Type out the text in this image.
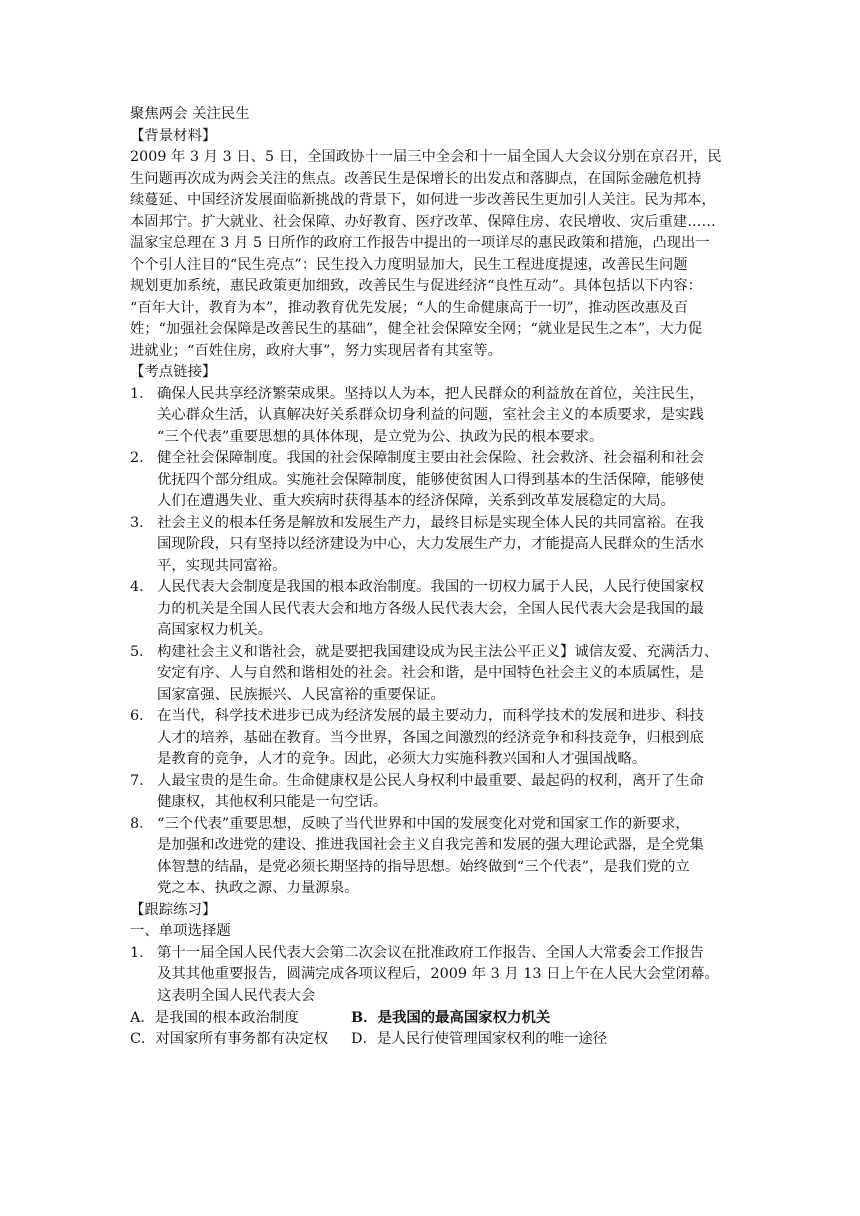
聚焦两会 关注民生
【背景材料】
2009 年 3 月 3 日、5 日，全国政协十一届三中全会和十一届全国人大会议分别在京召开，民
生问题再次成为两会关注的焦点。改善民生是保增长的出发点和落脚点，在国际金融危机持
续蔓延、中国经济发展面临新挑战的背景下，如何进一步改善民生更加引人关注。民为邦本，
本固邦宁。扩大就业、社会保障、办好教育、医疗改革、保障住房、农民增收、灾后重建……
温家宝总理在 3 月 5 日所作的政府工作报告中提出的一项详尽的惠民政策和措施，凸现出一
个个引人注目的“民生亮点”：民生投入力度明显加大，民生工程进度提速，改善民生问题
规划更加系统，惠民政策更加细致，改善民生与促进经济“良性互动”。具体包括以下内容：
“百年大计，教育为本”，推动教育优先发展；“人的生命健康高于一切”，推动医改惠及百
姓；“加强社会保障是改善民生的基础”，健全社会保障安全网；“就业是民生之本”，大力促
进就业；“百姓住房，政府大事”，努力实现居者有其室等。
【考点链接】
1． 确保人民共享经济繁荣成果。坚持以人为本，把人民群众的利益放在首位，关注民生，
关心群众生活，认真解决好关系群众切身利益的问题，室社会主义的本质要求，是实践
“三个代表”重要思想的具体体现，是立党为公、执政为民的根本要求。
2． 健全社会保障制度。我国的社会保障制度主要由社会保险、社会救济、社会福利和社会
优抚四个部分组成。实施社会保障制度，能够使贫困人口得到基本的生活保障，能够使
人们在遭遇失业、重大疾病时获得基本的经济保障，关系到改革发展稳定的大局。
3． 社会主义的根本任务是解放和发展生产力，最终目标是实现全体人民的共同富裕。在我
国现阶段，只有坚持以经济建设为中心，大力发展生产力，才能提高人民群众的生活水
平，实现共同富裕。
4． 人民代表大会制度是我国的根本政治制度。我国的一切权力属于人民，人民行使国家权
力的机关是全国人民代表大会和地方各级人民代表大会，全国人民代表大会是我国的最
高国家权力机关。
5． 构建社会主义和谐社会，就是要把我国建设成为民主法公平正义】诚信友爱、充满活力、
安定有序、人与自然和谐相处的社会。社会和谐，是中国特色社会主义的本质属性，是
国家富强、民族振兴、人民富裕的重要保证。
6． 在当代，科学技术进步已成为经济发展的最主要动力，而科学技术的发展和进步、科技
人才的培养，基础在教育。当今世界，各国之间激烈的经济竞争和科技竞争，归根到底
是教育的竞争，人才的竞争。因此，必须大力实施科教兴国和人才强国战略。
7． 人最宝贵的是生命。生命健康权是公民人身权利中最重要、最起码的权利，离开了生命
健康权，其他权利只能是一句空话。
8． “三个代表”重要思想，反映了当代世界和中国的发展变化对党和国家工作的新要求，
是加强和改进党的建设、推进我国社会主义自我完善和发展的强大理论武器，是全党集
体智慧的结晶，是党必须长期坚持的指导思想。始终做到“三个代表”，是我们党的立
党之本、执政之源、力量源泉。
【跟踪练习】
一、单项选择题
1． 第十一届全国人民代表大会第二次会议在批准政府工作报告、全国人大常委会工作报告
及其其他重要报告，圆满完成各项议程后，2009 年 3 月 13 日上午在人民大会堂闭幕。
这表明全国人民代表大会
A．是我国的根本政治制度	B．是我国的最高国家权力机关
C．对国家所有事务都有决定权 D．是人民行使管理国家权利的唯一途径
